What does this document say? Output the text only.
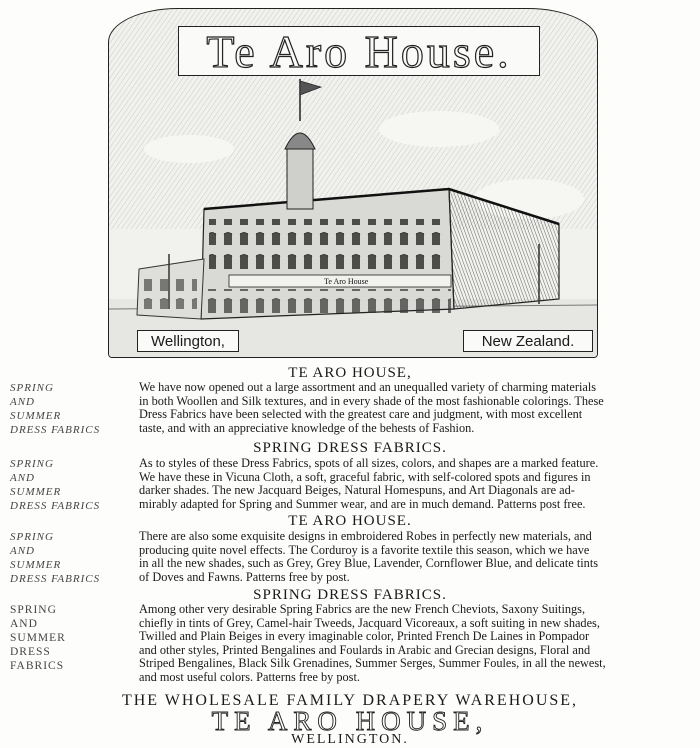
Te Aro House
Te Aro House.
Wellington,	New Zealand.
TE ARO HOUSE,
SPRING
AND
SUMMER
DRESS FABRICS
We have now opened out a large assortment and an unequalled variety of charming materials
in both Woollen and Silk textures, and in every shade of the most fashionable colorings. These
Dress Fabrics have been selected with the greatest care and judgment, with most excellent
taste, and with an appreciative knowledge of the behests of Fashion.
SPRING DRESS FABRICS.
SPRING
AND
SUMMER
DRESS FABRICS
As to styles of these Dress Fabrics, spots of all sizes, colors, and shapes are a marked feature.
We have these in Vicuna Cloth, a soft, graceful fabric, with self-colored spots and figures in
darker shades. The new Jacquard Beiges, Natural Homespuns, and Art Diagonals are ad-
mirably adapted for Spring and Summer wear, and are in much demand. Patterns post free.
TE ARO HOUSE.
SPRING
AND
SUMMER
DRESS FABRICS
There are also some exquisite designs in embroidered Robes in perfectly new materials, and
producing quite novel effects. The Corduroy is a favorite textile this season, which we have
in all the new shades, such as Grey, Grey Blue, Lavender, Cornflower Blue, and delicate tints
of Doves and Fawns. Patterns free by post.
SPRING DRESS FABRICS.
SPRING
AND
SUMMER
DRESS
FABRICS
Among other very desirable Spring Fabrics are the new French Cheviots, Saxony Suitings,
chiefly in tints of Grey, Camel-hair Tweeds, Jacquard Vicoreaux, a soft suiting in new shades,
Twilled and Plain Beiges in every imaginable color, Printed French De Laines in Pompador
and other styles, Printed Bengalines and Foulards in Arabic and Grecian designs, Floral and
Striped Bengalines, Black Silk Grenadines, Summer Serges, Summer Foules, in all the newest,
and most useful colors. Patterns free by post.
THE WHOLESALE FAMILY DRAPERY WAREHOUSE,
TE ARO HOUSE,
WELLINGTON.
